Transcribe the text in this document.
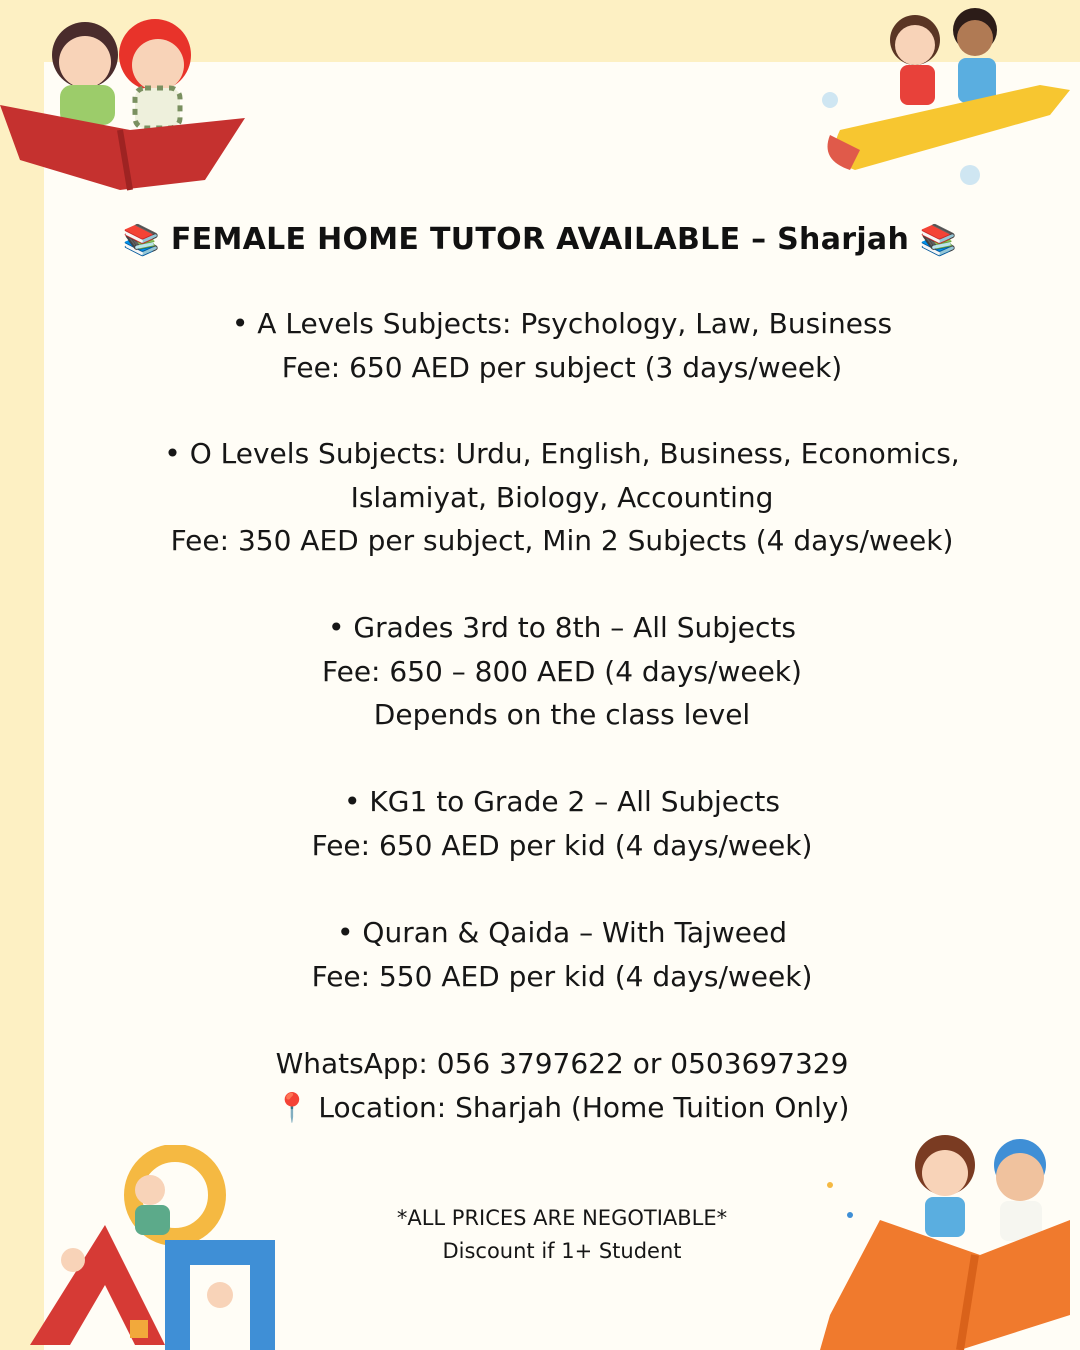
📚 FEMALE HOME TUTOR AVAILABLE – Sharjah 📚
• A Levels Subjects: Psychology, Law, Business
Fee: 650 AED per subject (3 days/week)
• O Levels Subjects: Urdu, English, Business, Economics,
Islamiyat, Biology, Accounting
Fee: 350 AED per subject, Min 2 Subjects (4 days/week)
• Grades 3rd to 8th – All Subjects
Fee: 650 – 800 AED (4 days/week)
Depends on the class level
• KG1 to Grade 2 – All Subjects
Fee: 650 AED per kid (4 days/week)
• Quran & Qaida – With Tajweed
Fee: 550 AED per kid (4 days/week)
WhatsApp: 056 3797622 or 0503697329
📍 Location: Sharjah (Home Tuition Only)
*ALL PRICES ARE NEGOTIABLE*
Discount if 1+ Student
